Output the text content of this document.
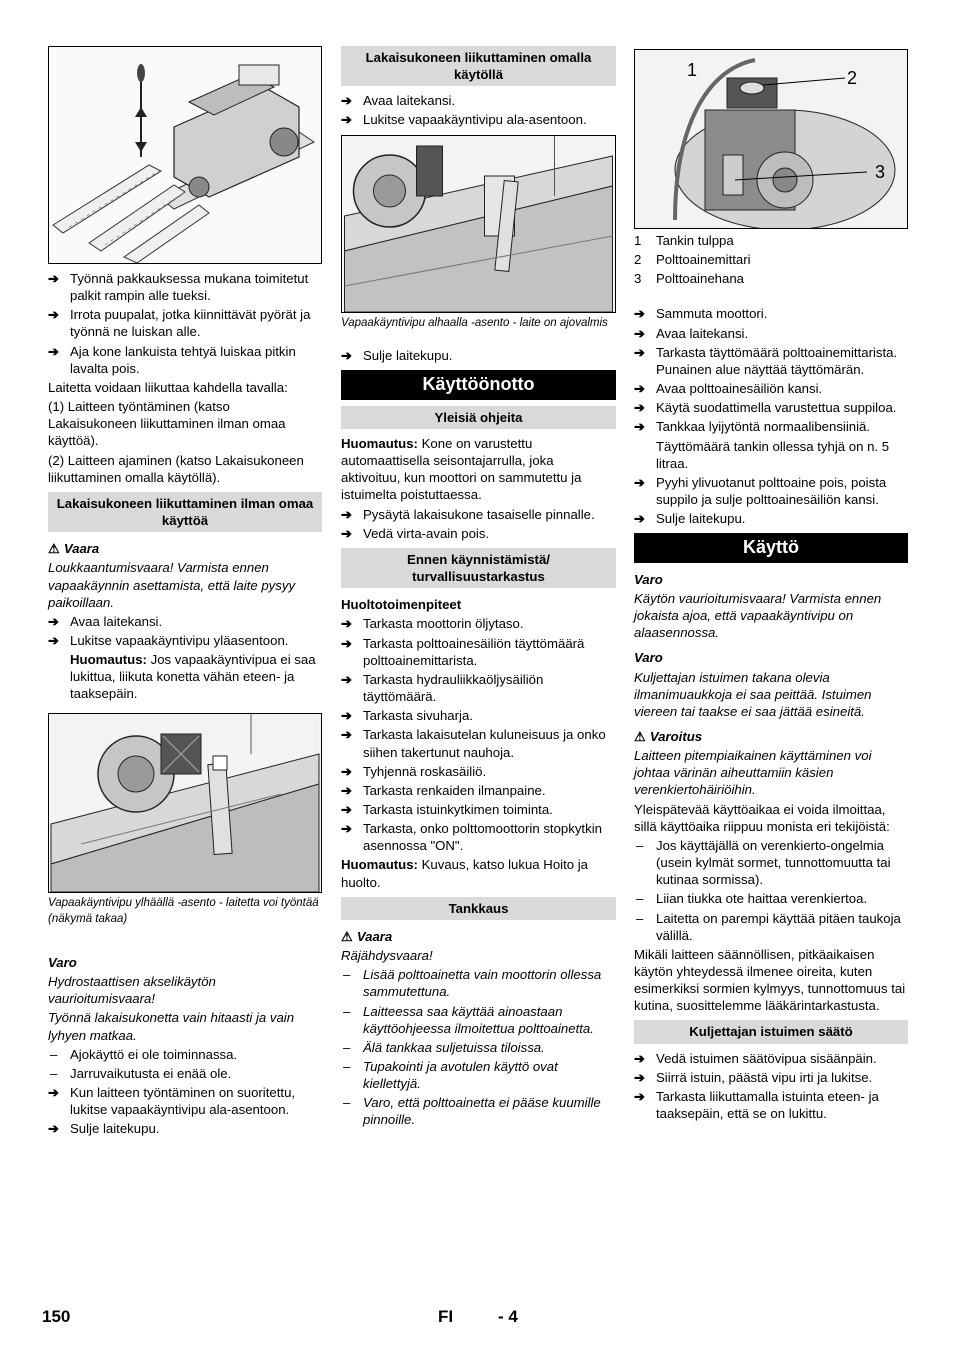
➔ Työnnä pakkauksessa mukana toimitetut palkit rampin alle tueksi.
➔ Irrota puupalat, jotka kiinnittävät pyörät ja työnnä ne luiskan alle.
➔ Aja kone lankuista tehtyä luiskaa pitkin lavalta pois.

Laitetta voidaan liikuttaa kahdella tavalla:

(1) Laitteen työntäminen (katso Lakaisukoneen liikuttaminen ilman omaa käyttöä).

(2) Laitteen ajaminen (katso Lakaisukoneen liikuttaminen omalla käytöllä).

Lakaisukoneen liikuttaminen ilman omaa käyttöä
⚠ Vaara

Loukkaantumisvaara! Varmista ennen vapaakäynnin asettamista, että laite pysyy paikoillaan.

➔ Avaa laitekansi.
➔ Lukitse vapaakäyntivipu yläasentoon.

Huomautus: Jos vapaakäyntivipua ei saa lukittua, liikuta konetta vähän eteen- ja taaksepäin.

Vapaakäyntivipu ylhäällä -asento - laitetta voi työntää (näkymä takaa)

Varo

Hydrostaattisen akselikäytön vaurioitumisvaara!

Työnnä lakaisukonetta vain hitaasti ja vain lyhyen matkaa.

– Ajokäyttö ei ole toiminnassa.
– Jarruvaikutusta ei enää ole.
➔ Kun laitteen työntäminen on suoritettu, lukitse vapaakäyntivipu ala-asentoon.
➔ Sulje laitekupu.
Lakaisukoneen liikuttaminen omalla käytöllä
➔ Avaa laitekansi.
➔ Lukitse vapaakäyntivipu ala-asentoon.

Vapaakäyntivipu alhaalla -asento - laite on ajovalmis

➔ Sulje laitekupu.
Käyttöönotto
Yleisiä ohjeita

Huomautus: Kone on varustettu automaattisella seisontajarrulla, joka aktivoituu, kun moottori on sammutettu ja istuimelta poistuttaessa.

➔ Pysäytä lakaisukone tasaiselle pinnalle.
➔ Vedä virta-avain pois.
Ennen käynnistämistä/ turvallisuustarkastus

Huoltotoimenpiteet

➔ Tarkasta moottorin öljytaso.
➔ Tarkasta polttoainesäiliön täyttömäärä polttoainemittarista.
➔ Tarkasta hydrauliikkaöljysäiliön täyttömäärä.
➔ Tarkasta sivuharja.
➔ Tarkasta lakaisutelan kuluneisuus ja onko siihen takertunut nauhoja.
➔ Tyhjennä roskasäiliö.
➔ Tarkasta renkaiden ilmanpaine.
➔ Tarkasta istuinkytkimen toiminta.
➔ Tarkasta, onko polttomoottorin stopkytkin asennossa "ON".

Huomautus: Kuvaus, katso lukua Hoito ja huolto.

Tankkaus
⚠ Vaara

Räjähdysvaara!

– Lisää polttoainetta vain moottorin ollessa sammutettuna.
– Laitteessa saa käyttää ainoastaan käyttöohjeessa ilmoitettua polttoainetta.
– Älä tankkaa suljetuissa tiloissa.
– Tupakointi ja avotulen käyttö ovat kiellettyjä.
– Varo, että polttoainetta ei pääse kuumille pinnoille.
1	2
3
1	Tankin tulppa
2	Polttoainemittari
3	Polttoainehana
➔ Sammuta moottori.
➔ Avaa laitekansi.
➔ Tarkasta täyttömäärä polttoainemittarista. Punainen alue näyttää täyttömärän.
➔ Avaa polttoainesäiliön kansi.
➔ Käytä suodattimella varustettua suppiloa.
➔ Tankkaa lyijytöntä normaalibensiiniä.

Täyttömäärä tankin ollessa tyhjä on n. 5 litraa.

➔ Pyyhi ylivuotanut polttoaine pois, poista suppilo ja sulje polttoainesäiliön kansi.
➔ Sulje laitekupu.
Käyttö
Varo

Käytön vaurioitumisvaara! Varmista ennen jokaista ajoa, että vapaakäyntivipu on alaasennossa.

Varo

Kuljettajan istuimen takana olevia ilmanimuaukkoja ei saa peittää. Istuimen viereen tai taakse ei saa jättää esineitä.

⚠ Varoitus

Laitteen pitempiaikainen käyttäminen voi johtaa värinän aiheuttamiin käsien verenkiertohäiriöihin.

Yleispätevää käyttöaikaa ei voida ilmoittaa, sillä käyttöaika riippuu monista eri tekijöistä:

– Jos käyttäjällä on verenkierto-ongelmia (usein kylmät sormet, tunnottomuutta tai kutinaa sormissa).
– Liian tiukka ote haittaa verenkiertoa.
– Laitetta on parempi käyttää pitäen taukoja välillä.

Mikäli laitteen säännöllisen, pitkäaikaisen käytön yhteydessä ilmenee oireita, kuten esimerkiksi sormien kylmyys, tunnottomuus tai kutina, suosittelemme lääkärintarkastusta.

Kuljettajan istuimen säätö
➔ Vedä istuimen säätövipua sisäänpäin.
➔ Siirrä istuin, päästä vipu irti ja lukitse.
➔ Tarkasta liikuttamalla istuinta eteen- ja taaksepäin, että se on lukittu.
150	FI	- 4
